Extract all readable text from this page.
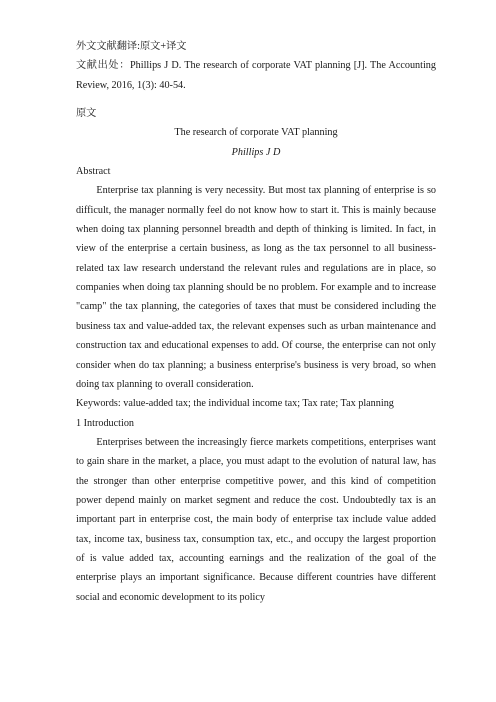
外文文献翻译:原文+译文

文献出处：Phillips J D. The research of corporate VAT planning [J]. The Accounting Review, 2016, 1(3): 40-54.

原文

The research of corporate VAT planning

Phillips J D

Abstract

Enterprise tax planning is very necessity. But most tax planning of enterprise is so difficult, the manager normally feel do not know how to start it. This is mainly because when doing tax planning personnel breadth and depth of thinking is limited. In fact, in view of the enterprise a certain business, as long as the tax personnel to all business-related tax law research understand the relevant rules and regulations are in place, so companies when doing tax planning should be no problem. For example and to increase "camp" the tax planning, the categories of taxes that must be considered including the business tax and value-added tax, the relevant expenses such as urban maintenance and construction tax and educational expenses to add. Of course, the enterprise can not only consider when do tax planning; a business enterprise's business is very broad, so when doing tax planning to overall consideration.

Keywords: value-added tax; the individual income tax; Tax rate; Tax planning

1 Introduction

Enterprises between the increasingly fierce markets competitions, enterprises want to gain share in the market, a place, you must adapt to the evolution of natural law, has the stronger than other enterprise competitive power, and this kind of competition power depend mainly on market segment and reduce the cost. Undoubtedly tax is an important part in enterprise cost, the main body of enterprise tax include value added tax, income tax, business tax, consumption tax, etc., and occupy the largest proportion of is value added tax, accounting earnings and the realization of the goal of the enterprise plays an important significance. Because different countries have different social and economic development to its policy
